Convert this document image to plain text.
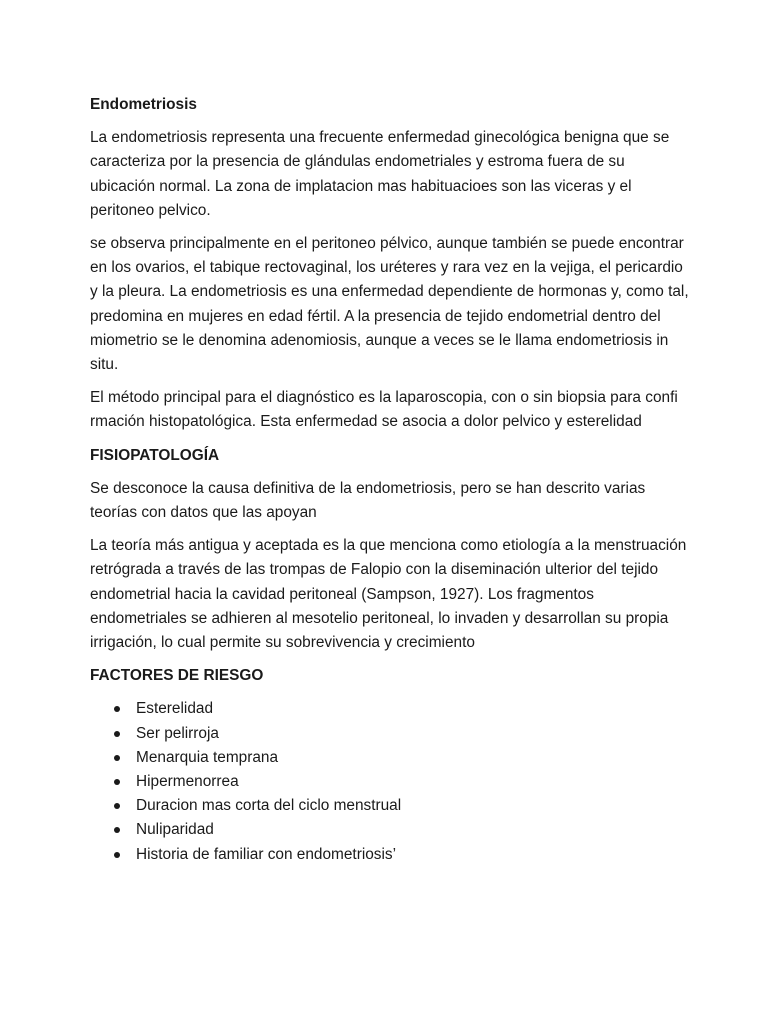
Endometriosis

La endometriosis representa una frecuente enfermedad ginecológica benigna que se caracteriza por la presencia de glándulas endometriales y estroma fuera de su ubicación normal. La zona de implatacion mas habituacioes son las viceras y el peritoneo pelvico.

se observa principalmente en el peritoneo pélvico, aunque también se puede encontrar en los ovarios, el tabique rectovaginal, los uréteres y rara vez en la vejiga, el pericardio y la pleura. La endometriosis es una enfermedad dependiente de hormonas y, como tal, predomina en mujeres en edad fértil. A la presencia de tejido endometrial dentro del miometrio se le denomina adenomiosis, aunque a veces se le llama endometriosis in situ.

El método principal para el diagnóstico es la laparoscopia, con o sin biopsia para confi rmación histopatológica. Esta enfermedad se asocia a dolor pelvico y esterelidad

FISIOPATOLOGÍA

Se desconoce la causa definitiva de la endometriosis, pero se han descrito varias teorías con datos que las apoyan

La teoría más antigua y aceptada es la que menciona como etiología a la menstruación retrógrada a través de las trompas de Falopio con la diseminación ulterior del tejido endometrial hacia la cavidad peritoneal (Sampson, 1927). Los fragmentos endometriales se adhieren al mesotelio peritoneal, lo invaden y desarrollan su propia irrigación, lo cual permite su sobrevivencia y crecimiento

FACTORES DE RIESGO

Esterelidad
Ser pelirroja
Menarquia temprana
Hipermenorrea
Duracion mas corta del ciclo menstrual
Nuliparidad
Historia de familiar con endometriosis’
